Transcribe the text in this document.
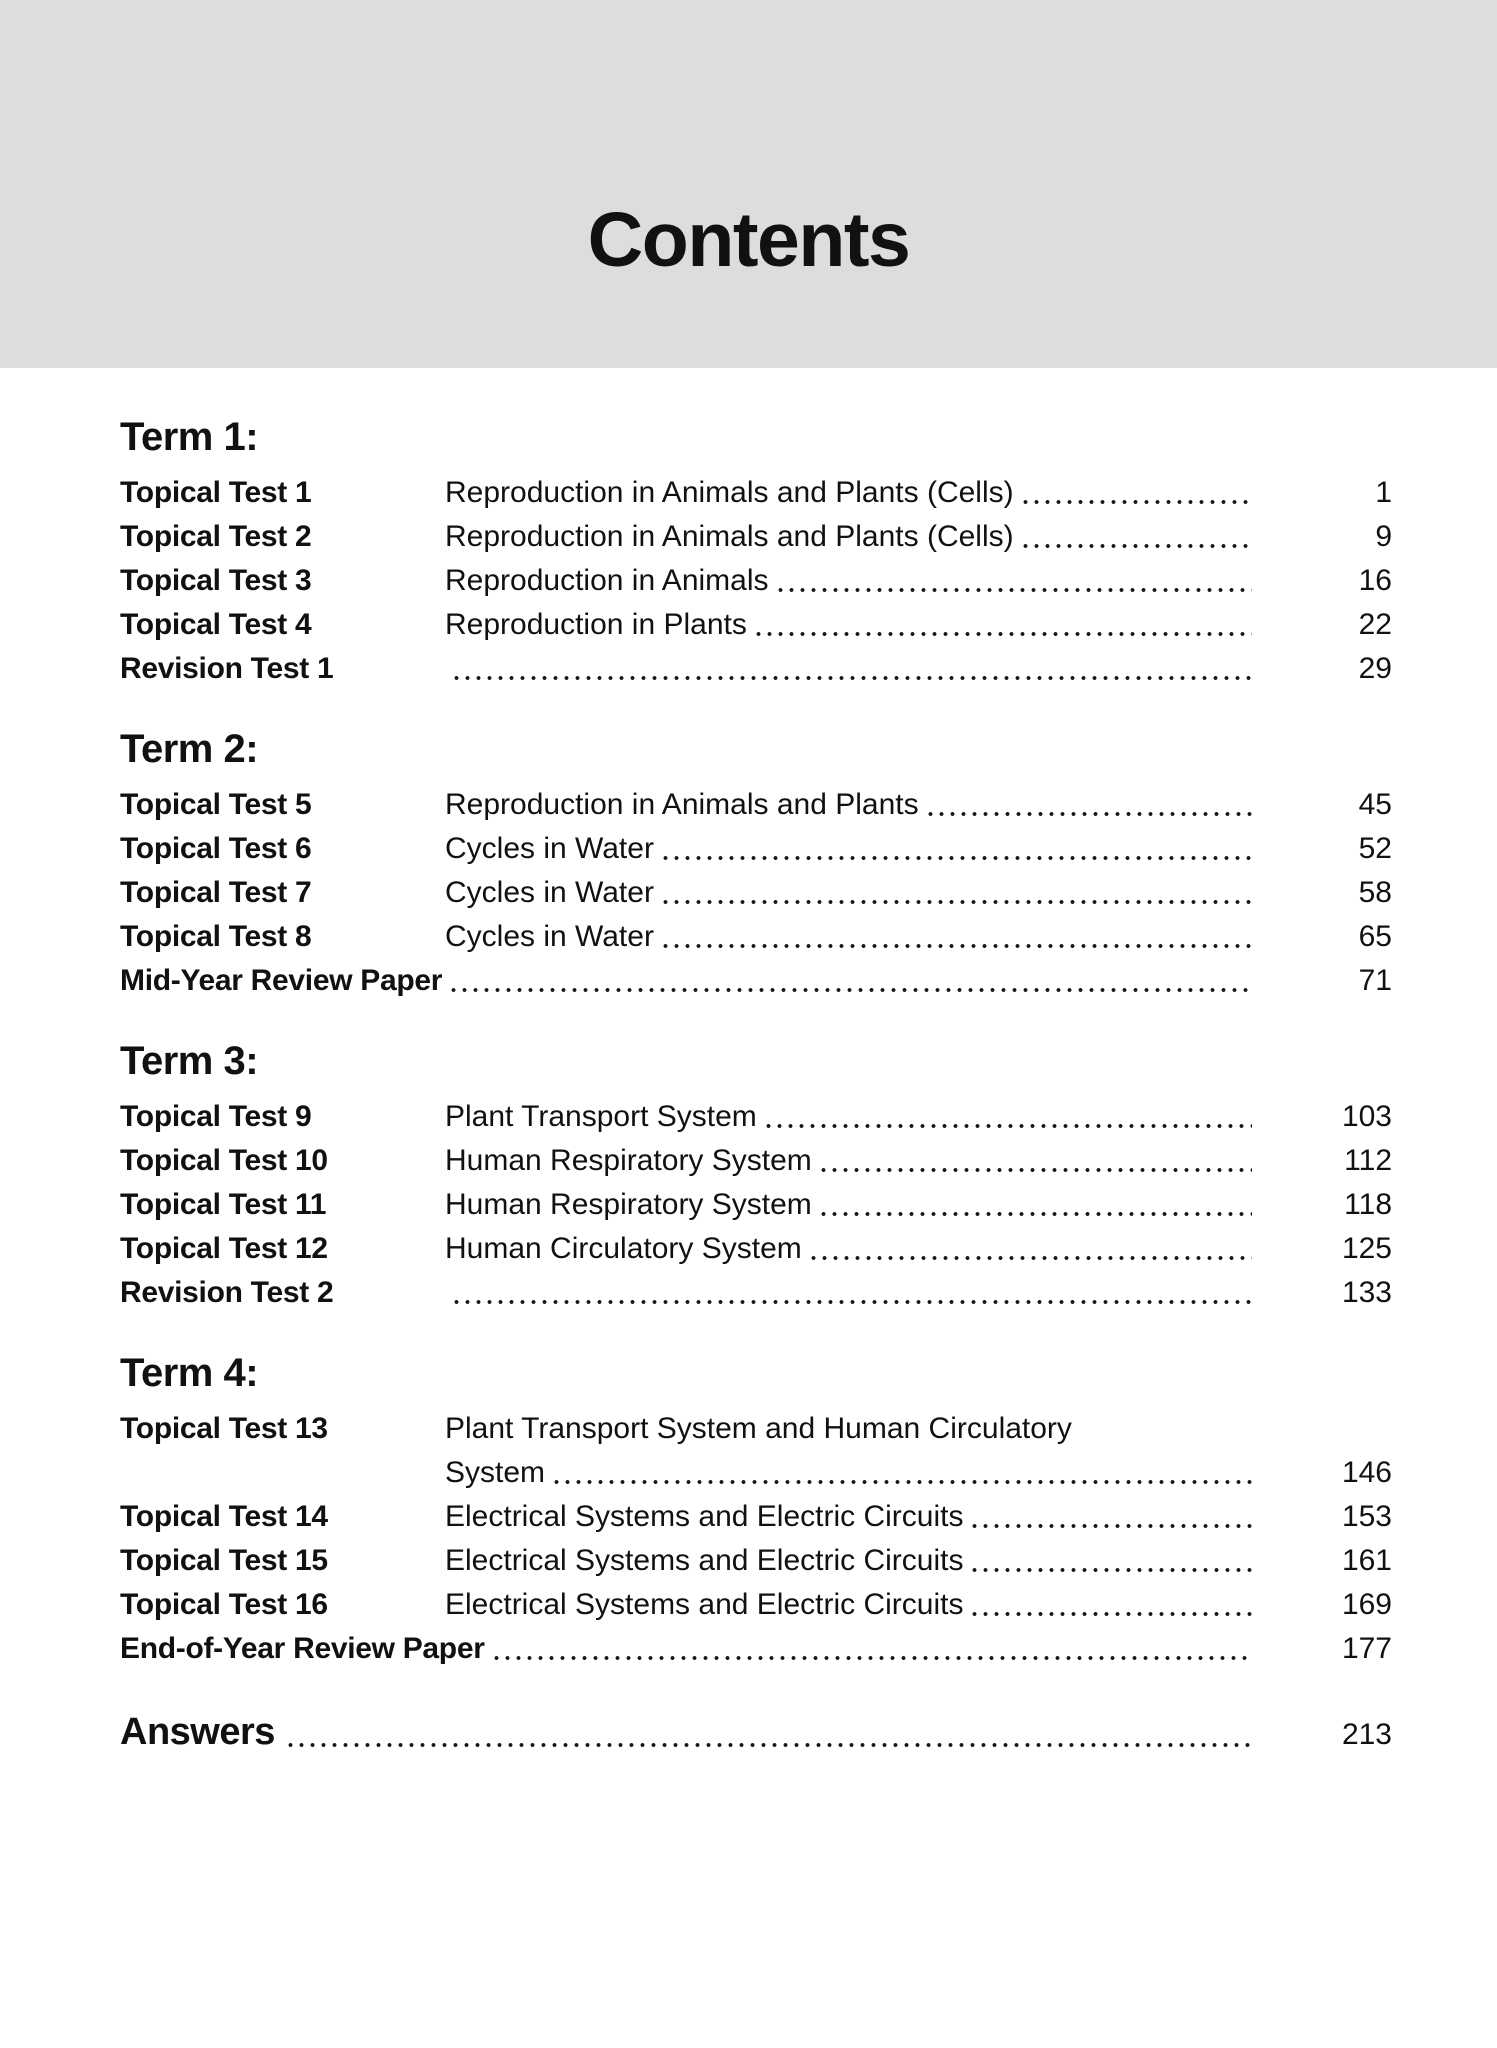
Contents
Term 1:
Topical Test 1	Reproduction in Animals and Plants (Cells)	1
Topical Test 2	Reproduction in Animals and Plants (Cells)	9
Topical Test 3	Reproduction in Animals	16
Topical Test 4	Reproduction in Plants	22
Revision Test 1	29
Term 2:
Topical Test 5	Reproduction in Animals and Plants	45
Topical Test 6	Cycles in Water	52
Topical Test 7	Cycles in Water	58
Topical Test 8	Cycles in Water	65
Mid-Year Review Paper	71
Term 3:
Topical Test 9	Plant Transport System	103
Topical Test 10	Human Respiratory System	112
Topical Test 11	Human Respiratory System	118
Topical Test 12	Human Circulatory System	125
Revision Test 2	133
Term 4:
Topical Test 13	Plant Transport System and Human Circulatory
System	146
Topical Test 14	Electrical Systems and Electric Circuits	153
Topical Test 15	Electrical Systems and Electric Circuits	161
Topical Test 16	Electrical Systems and Electric Circuits	169
End-of-Year Review Paper	177
Answers	213
